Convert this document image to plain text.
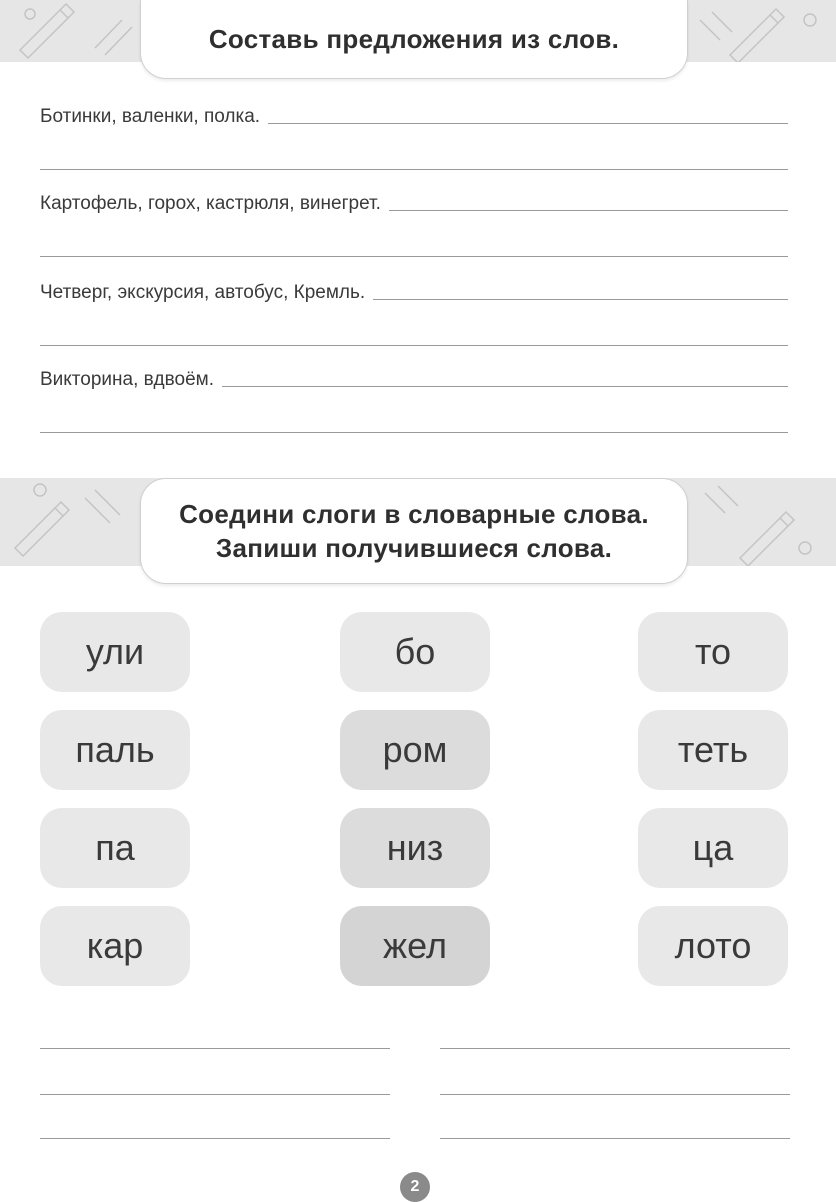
Составь предложения из слов.
Ботинки, валенки, полка.
Картофель, горох, кастрюля, винегрет.
Четверг, экскурсия, автобус, Кремль.
Викторина, вдвоём.
Соедини слоги в словарные слова.
Запиши получившиеся слова.
ули
паль
па
кар
бо
ром
низ
жел
то
теть
ца
лото
2
